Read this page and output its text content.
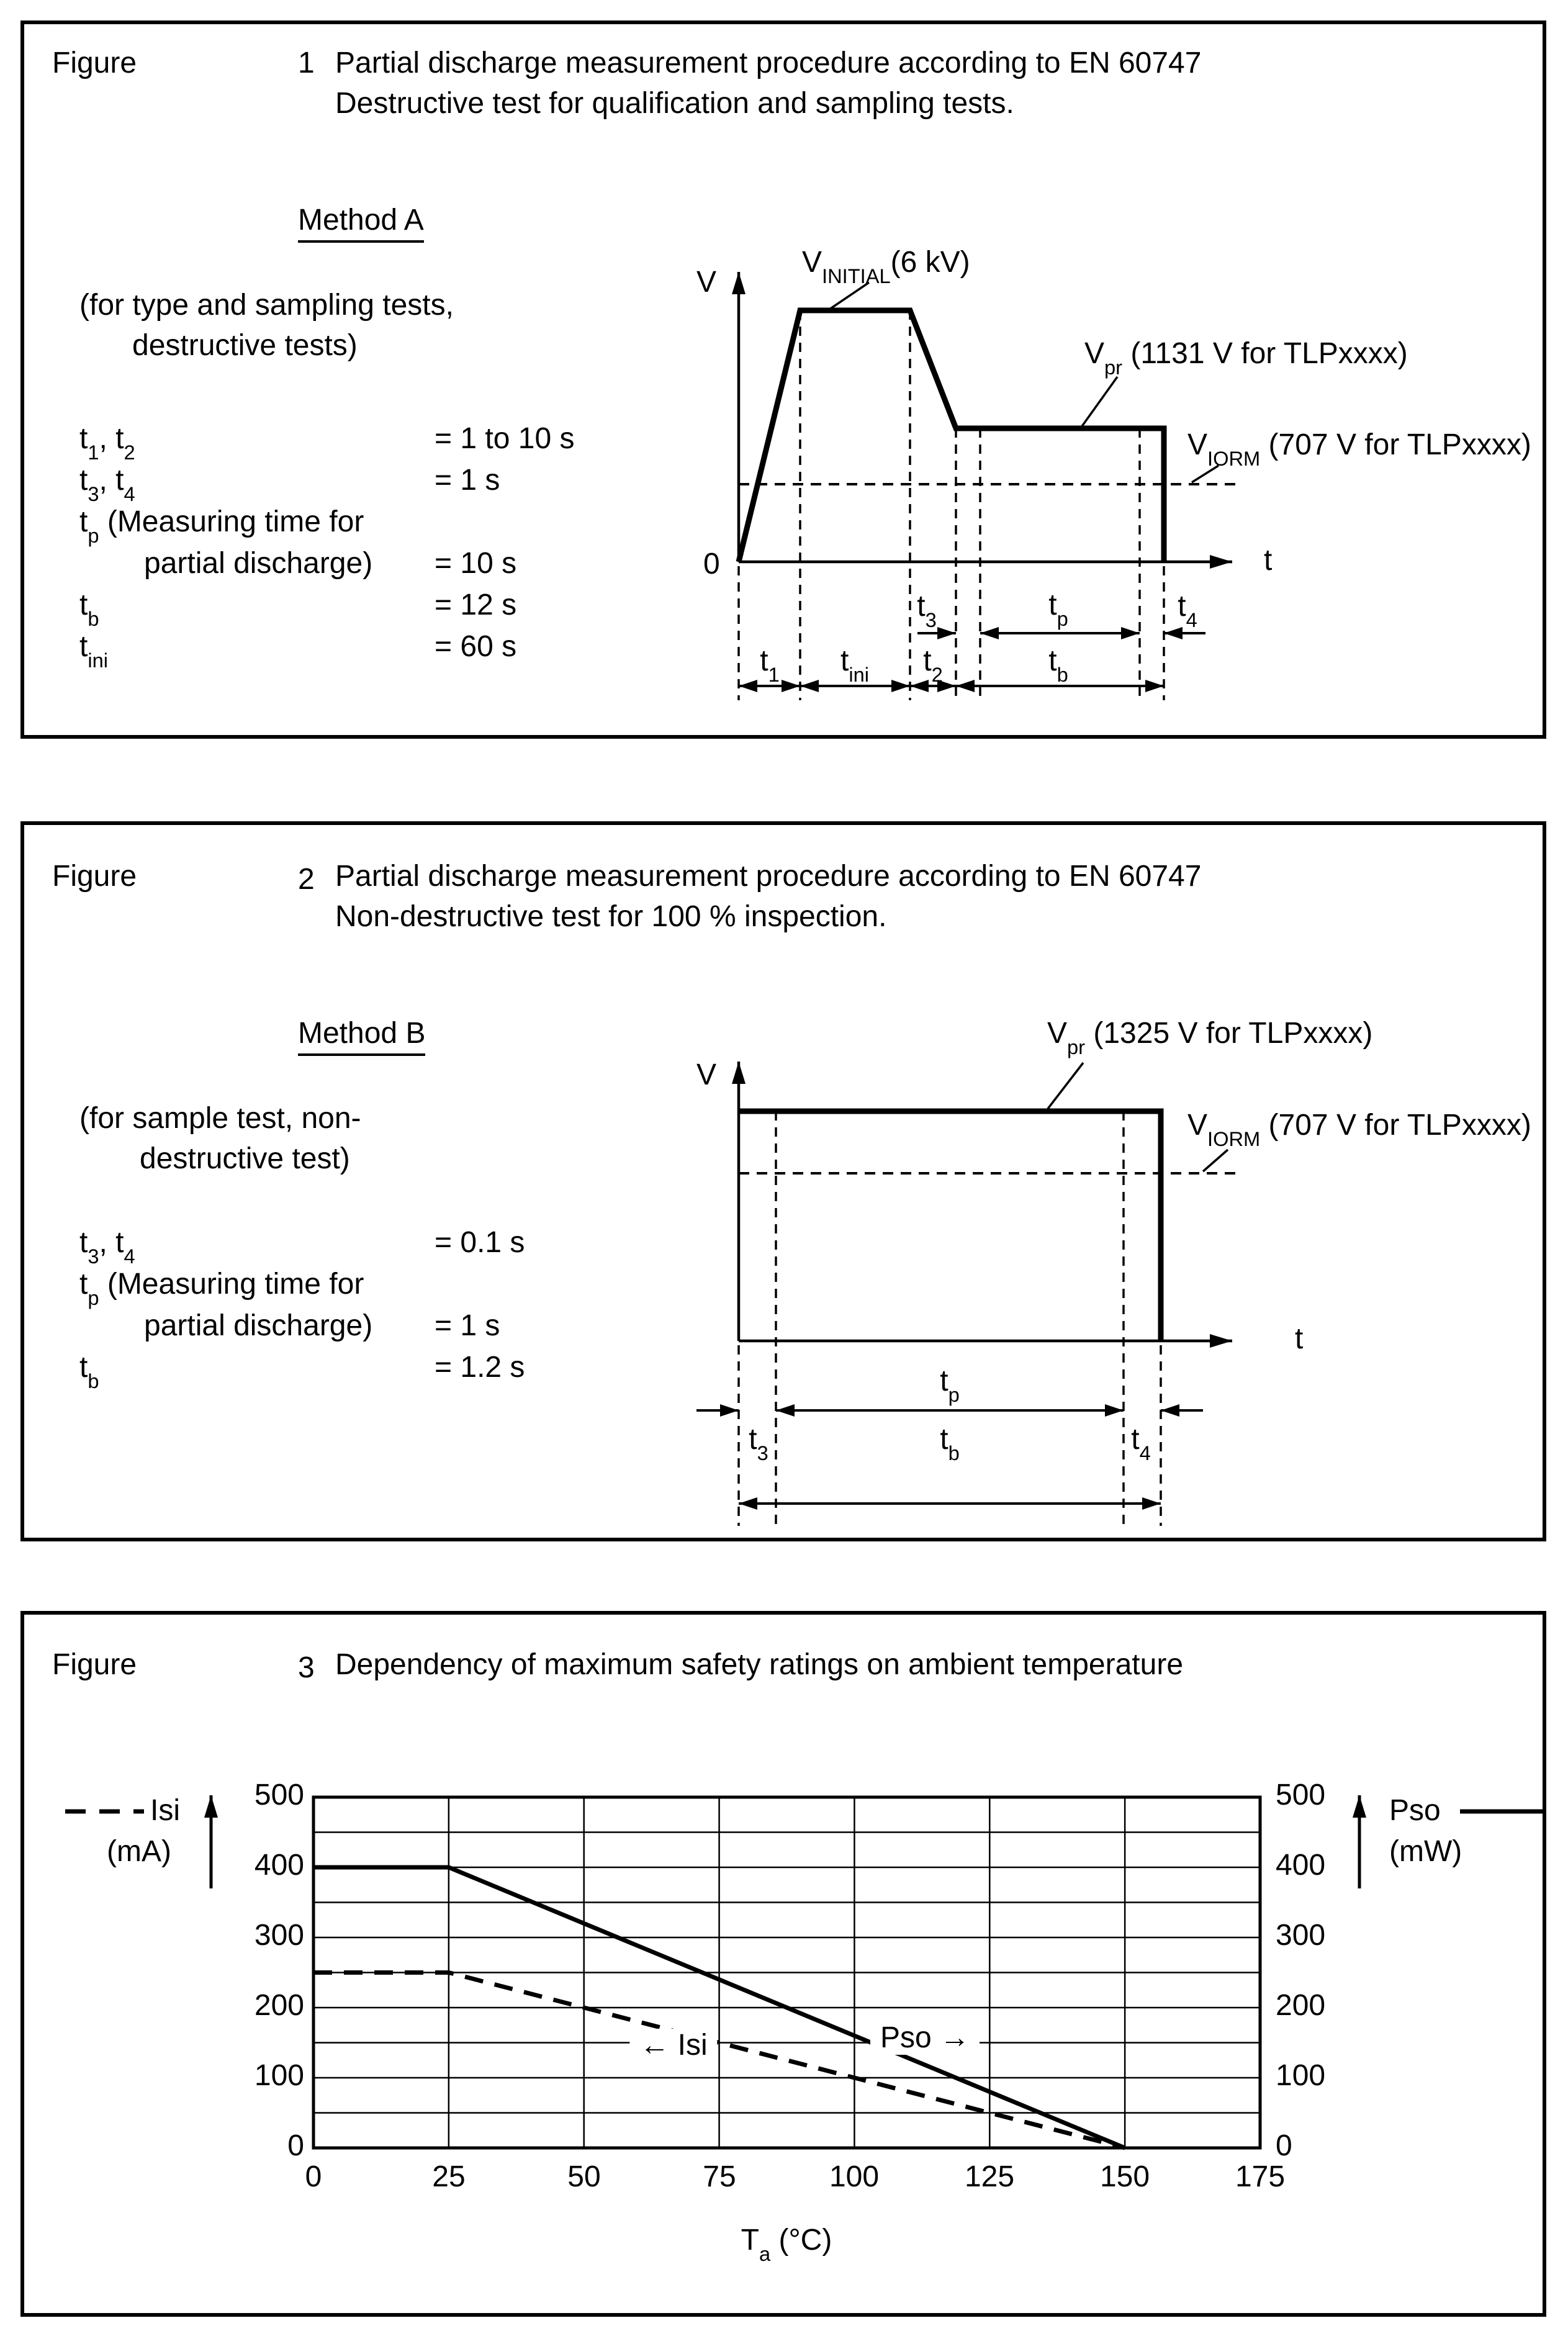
Figure	1 Partial discharge measurement procedure according to EN 60747
Destructive test for qualification and sampling tests.
Method A
(for type and sampling tests,
destructive tests)
$t_1$, $t_2$	= 1 to 10 s
$t_3$, $t_4$	= 1 s
$t_p$ (Measuring time for
partial discharge) = 10 s
$t_b$	= 12 s
$t_{ini}$	= 60 s
V
$V_{INITIAL}(6$ kV)
$V_{pr}$ (1131 V for TLPxxxx)
$V_{IORM}$ (707 V for TLPxxxx)
0	t
$t_3$	$t_p$	$t_4$
$t_1$ $t_{ini}$ $t_2$	$t_b$
Figure	2 Partial discharge measurement procedure according to EN 60747
Non-destructive test for 100 % inspection.
Method B
(for sample test, non-
destructive test)
$t_3$, $t_4$	= 0.1 s
$t_p$ (Measuring time for
partial discharge) = 1 s
$t_b$	= 1.2 s
V
$V_{pr}$ (1325 V for TLPxxxx)
$V_{IORM}$ (707 V for TLPxxxx)
t
$t_p$
$t_3$	$t_b$	$t_4$
Figure	3 Dependency of maximum safety ratings on ambient temperature
Isi
(mA)
Pso
(mW)
500
400
300
200
100
0
500
400
300
200
100
0
0	25	50	75	100	125	150	175
← Isi	Pso →
$T_a$ (°C)
